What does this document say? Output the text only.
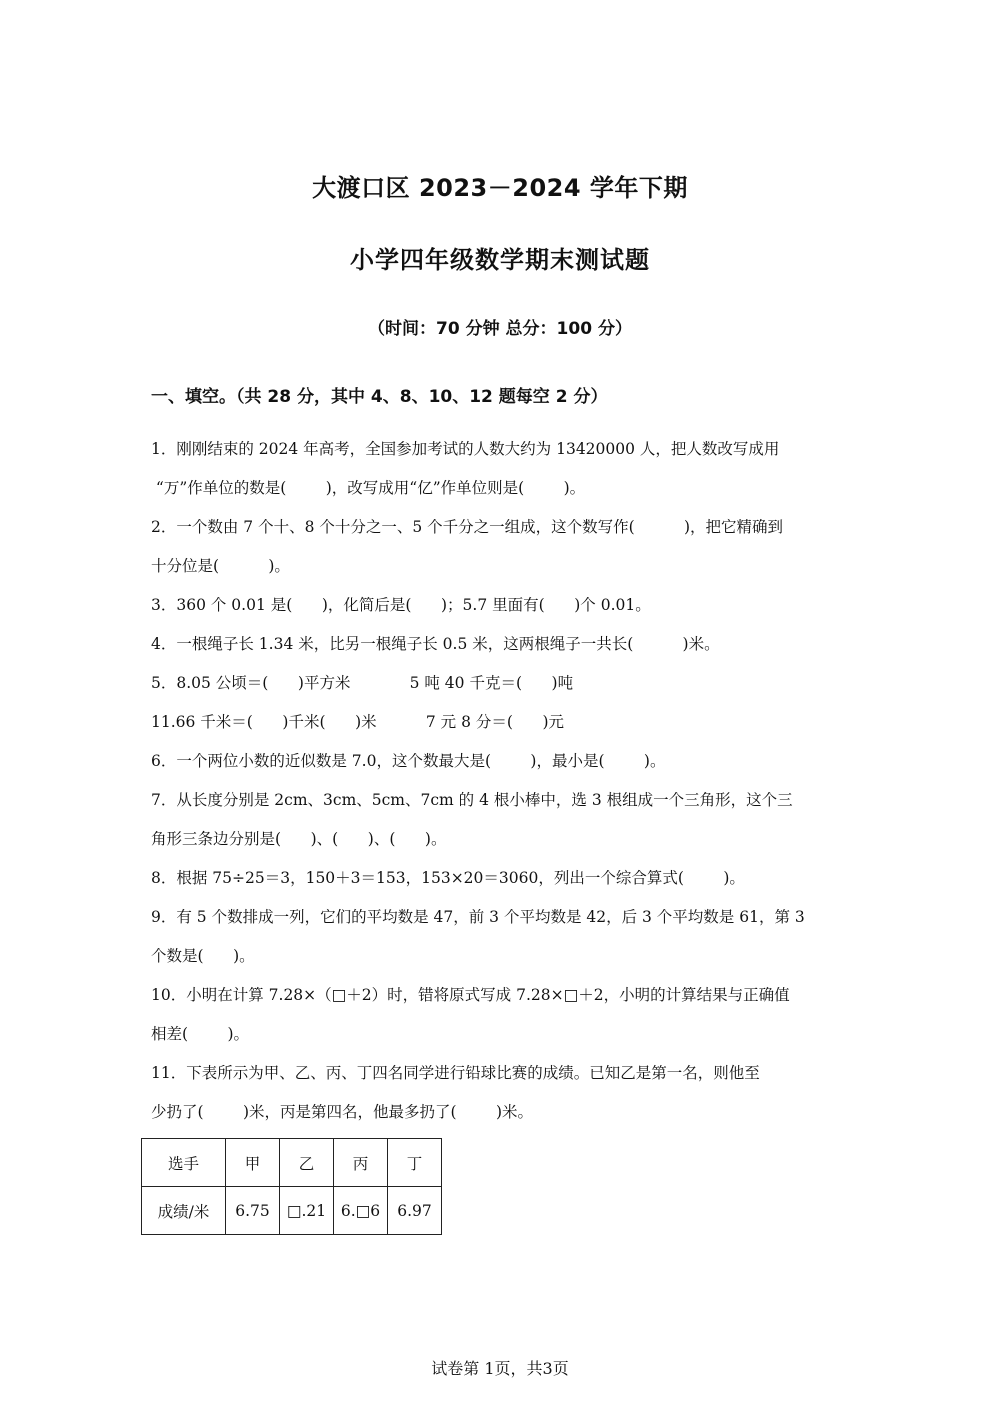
大渡口区 2023－2024 学年下期
小学四年级数学期末测试题
（时间：70 分钟 总分：100 分）
一、填空。（共 28 分，其中 4、8、10、12 题每空 2 分）
1．刚刚结束的 2024 年高考，全国参加考试的人数大约为 13420000 人，把人数改写成用
“万”作单位的数是(        )，改写成用“亿”作单位则是(        )。
2．一个数由 7 个十、8 个十分之一、5 个千分之一组成，这个数写作(          )，把它精确到
十分位是(          )。
3．360 个 0.01 是(      )，化简后是(      )；5.7 里面有(      )个 0.01。
4．一根绳子长 1.34 米，比另一根绳子长 0.5 米，这两根绳子一共长(          )米。
5．8.05 公顷＝(      )平方米            5 吨 40 千克＝(      )吨
11.66 千米＝(      )千米(      )米          7 元 8 分＝(      )元
6．一个两位小数的近似数是 7.0，这个数最大是(        )，最小是(        )。
7．从长度分别是 2cm、3cm、5cm、7cm 的 4 根小棒中，选 3 根组成一个三角形，这个三
角形三条边分别是(      )、(      )、(      )。
8．根据 75÷25＝3，150＋3＝153，153×20＝3060，列出一个综合算式(        )。
9．有 5 个数排成一列，它们的平均数是 47，前 3 个平均数是 42，后 3 个平均数是 61，第 3
个数是(      )。
10．小明在计算 7.28×（□＋2）时，错将原式写成 7.28×□＋2，小明的计算结果与正确值
相差(        )。
11．下表所示为甲、乙、丙、丁四名同学进行铅球比赛的成绩。已知乙是第一名，则他至
少扔了(        )米，丙是第四名，他最多扔了(        )米。
选手	甲	乙	丙	丁
成绩/米	6.75	□.21	6.□6	6.97
试卷第 1页，共3页
